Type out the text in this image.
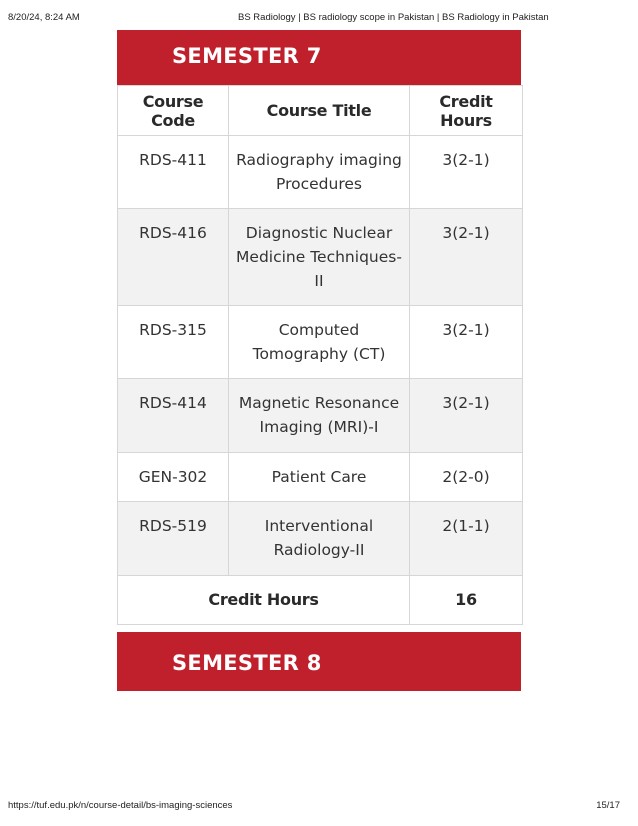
8/20/24, 8:24 AM	BS Radiology | BS radiology scope in Pakistan | BS Radiology in Pakistan
SEMESTER 7
Course Code	Course Title	Credit Hours
RDS-411	Radiography imaging Procedures	3(2-1)
RDS-416	Diagnostic Nuclear Medicine Techniques-II	3(2-1)
RDS-315	Computed Tomography (CT)	3(2-1)
RDS-414	Magnetic Resonance Imaging (MRI)-I	3(2-1)
GEN-302	Patient Care	2(2-0)
RDS-519	Interventional Radiology-II	2(1-1)
Credit Hours		16
SEMESTER 8
https://tuf.edu.pk/n/course-detail/bs-imaging-sciences	15/17
